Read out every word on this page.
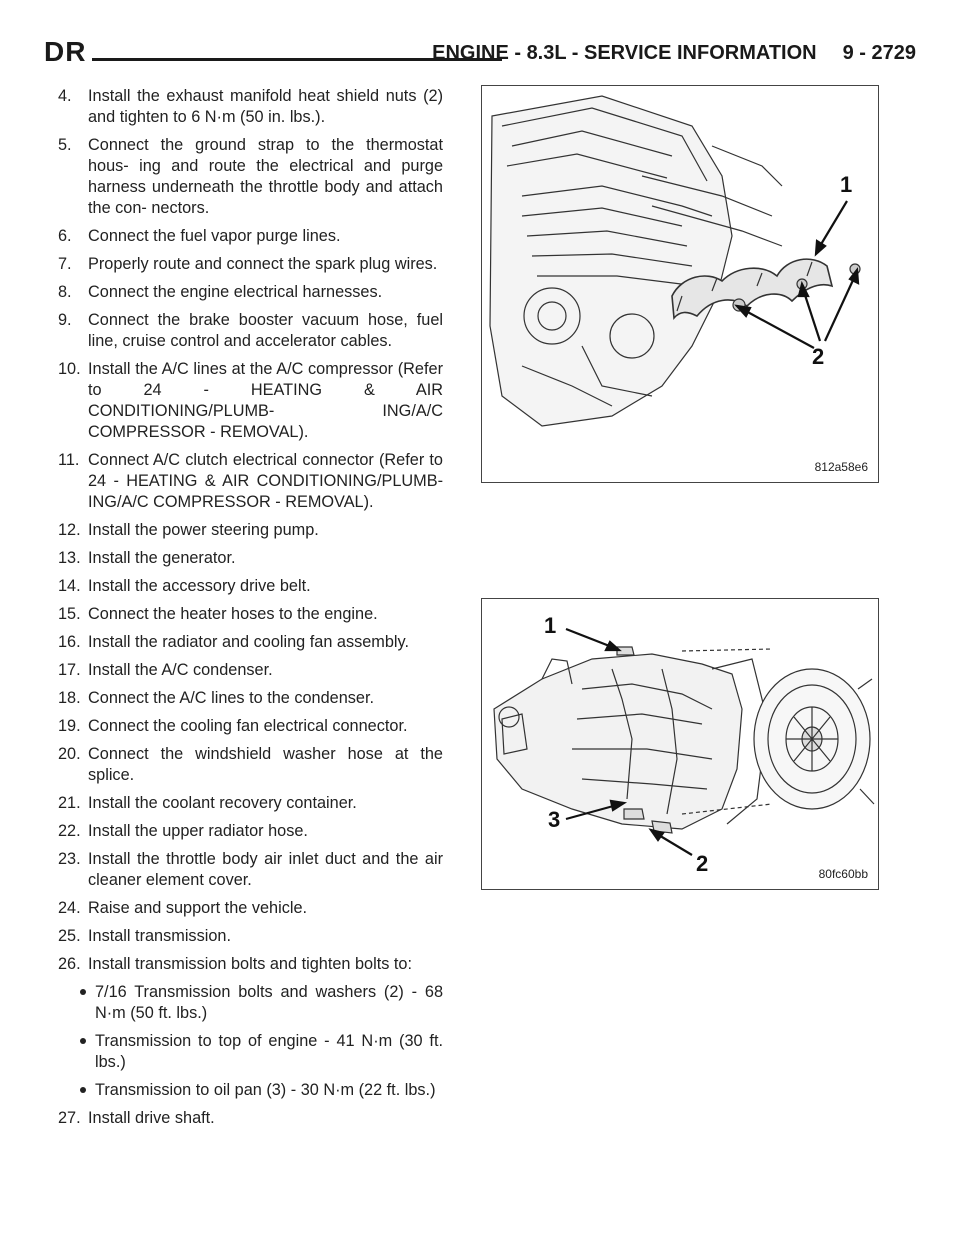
DR	ENGINE - 8.3L - SERVICE INFORMATION 9 - 2729
4. Install the exhaust manifold heat shield nuts (2) and tighten to 6 N·m (50 in. lbs.).
5. Connect the ground strap to the thermostat hous- ing and route the electrical and purge harness underneath the throttle body and attach the con- nectors.
6. Connect the fuel vapor purge lines.
7. Properly route and connect the spark plug wires.
8. Connect the engine electrical harnesses.
9. Connect the brake booster vacuum hose, fuel line, cruise control and accelerator cables.
10. Install the A/C lines at the A/C compressor (Refer to 24 - HEATING & AIR CONDITIONING/PLUMB- ING/A/C COMPRESSOR - REMOVAL).
11. Connect A/C clutch electrical connector (Refer to 24 - HEATING & AIR CONDITIONING/PLUMB- ING/A/C COMPRESSOR - REMOVAL).
12. Install the power steering pump.
13. Install the generator.
14. Install the accessory drive belt.
15. Connect the heater hoses to the engine.
16. Install the radiator and cooling fan assembly.
17. Install the A/C condenser.
18. Connect the A/C lines to the condenser.
19. Connect the cooling fan electrical connector.
20. Connect the windshield washer hose at the splice.
21. Install the coolant recovery container.
22. Install the upper radiator hose.
23. Install the throttle body air inlet duct and the air cleaner element cover.
24. Raise and support the vehicle.
25. Install transmission.
26. Install transmission bolts and tighten bolts to:
7/16 Transmission bolts and washers (2) - 68 N·m (50 ft. lbs.)
Transmission to top of engine - 41 N·m (30 ft. lbs.)
Transmission to oil pan (3) - 30 N·m (22 ft. lbs.)
27. Install drive shaft.
1
2
812a58e6
1
3
2	80fc60bb
